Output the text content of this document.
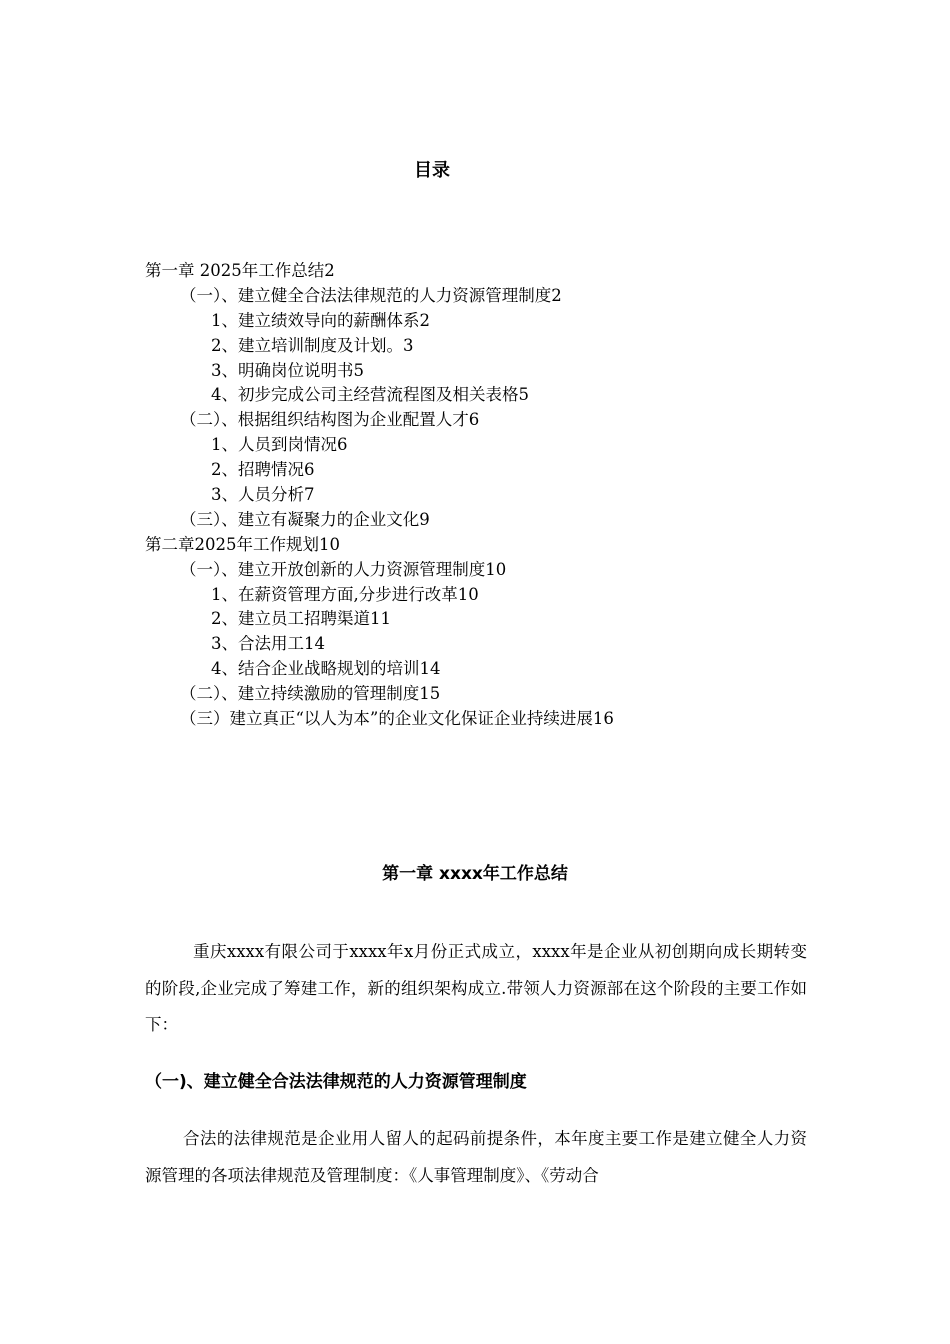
目录
第一章 2025年工作总结2
（一）、建立健全合法法律规范的人力资源管理制度2
1、建立绩效导向的薪酬体系2
2、建立培训制度及计划。3
3、明确岗位说明书5
4、初步完成公司主经营流程图及相关表格5
（二）、根据组织结构图为企业配置人才6
1、人员到岗情况6
2、招聘情况6
3、人员分析7
（三）、建立有凝聚力的企业文化9
第二章2025年工作规划10
（一）、建立开放创新的人力资源管理制度10
1、在薪资管理方面,分步进行改革10
2、建立员工招聘渠道11
3、合法用工14
4、结合企业战略规划的培训14
（二）、建立持续激励的管理制度15
（三）建立真正“以人为本”的企业文化保证企业持续进展16
第一章 xxxx年工作总结

重庆xxxx有限公司于xxxx年x月份正式成立，xxxx年是企业从初创期向成长期转变的阶段,企业完成了筹建工作，新的组织架构成立.带领人力资源部在这个阶段的主要工作如下：

（一)、建立健全合法法律规范的人力资源管理制度

合法的法律规范是企业用人留人的起码前提条件，本年度主要工作是建立健全人力资源管理的各项法律规范及管理制度：《人事管理制度》、《劳动合
